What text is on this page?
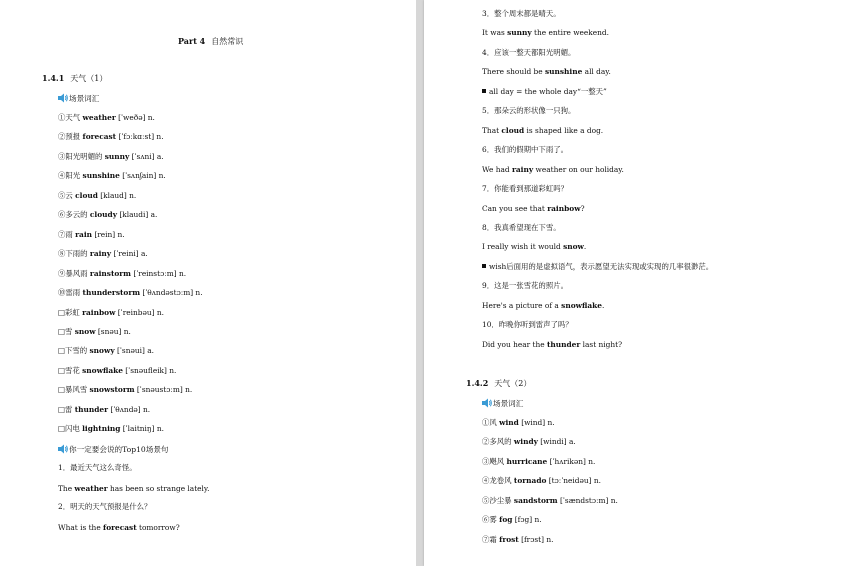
Part 4 自然常识
1.4.1 天气（1）
场景词汇
①天气 weather [ˈweðə] n.
②预报 forecast [ˈfɔːkɑːst] n.
③阳光明媚的 sunny [ˈsʌni] a.
④阳光 sunshine [ˈsʌnʃain] n.
⑤云 cloud [klaud] n.
⑥多云的 cloudy [klaudi] a.
⑦雨 rain [rein] n.
⑧下雨的 rainy [ˈreini] a.
⑨暴风雨 rainstorm [ˈreinstɔːm] n.
⑩雷雨 thunderstorm [ˈθʌndəstɔːm] n.
□彩虹 rainbow [ˈreinbəu] n.
□雪 snow [snəu] n.
□下雪的 snowy [ˈsnəui] a.
□雪花 snowflake [ˈsnəufleik] n.
□暴风雪 snowstorm [ˈsnəustɔːm] n.
□雷 thunder [ˈθʌndə] n.
□闪电 lightning [ˈlaitniŋ] n.
你一定要会说的Top10场景句
1．最近天气这么奇怪。
The weather has been so strange lately.
2．明天的天气预报是什么？
What is the forecast tomorrow?
3．整个周末都是晴天。
It was sunny the entire weekend.
4．应该一整天都阳光明媚。
There should be sunshine all day.
all day = the whole day“一整天”
5．那朵云的形状像一只狗。
That cloud is shaped like a dog.
6．我们的假期中下雨了。
We had rainy weather on our holiday.
7．你能看到那道彩虹吗？
Can you see that rainbow?
8．我真希望现在下雪。
I really wish it would snow.
wish后面用的是虚拟语气，表示愿望无法实现或实现的几率很渺茫。
9．这是一张雪花的照片。
Here's a picture of a snowflake.
10．昨晚你听到雷声了吗？
Did you hear the thunder last night?
1.4.2 天气（2）
场景词汇
①风 wind [wind] n.
②多风的 windy [windi] a.
③飓风 hurricane [ˈhʌrikən] n.
④龙卷风 tornado [tɔːˈneidəu] n.
⑤沙尘暴 sandstorm [ˈsændstɔːm] n.
⑥雾 fog [fɔg] n.
⑦霜 frost [frɔst] n.
